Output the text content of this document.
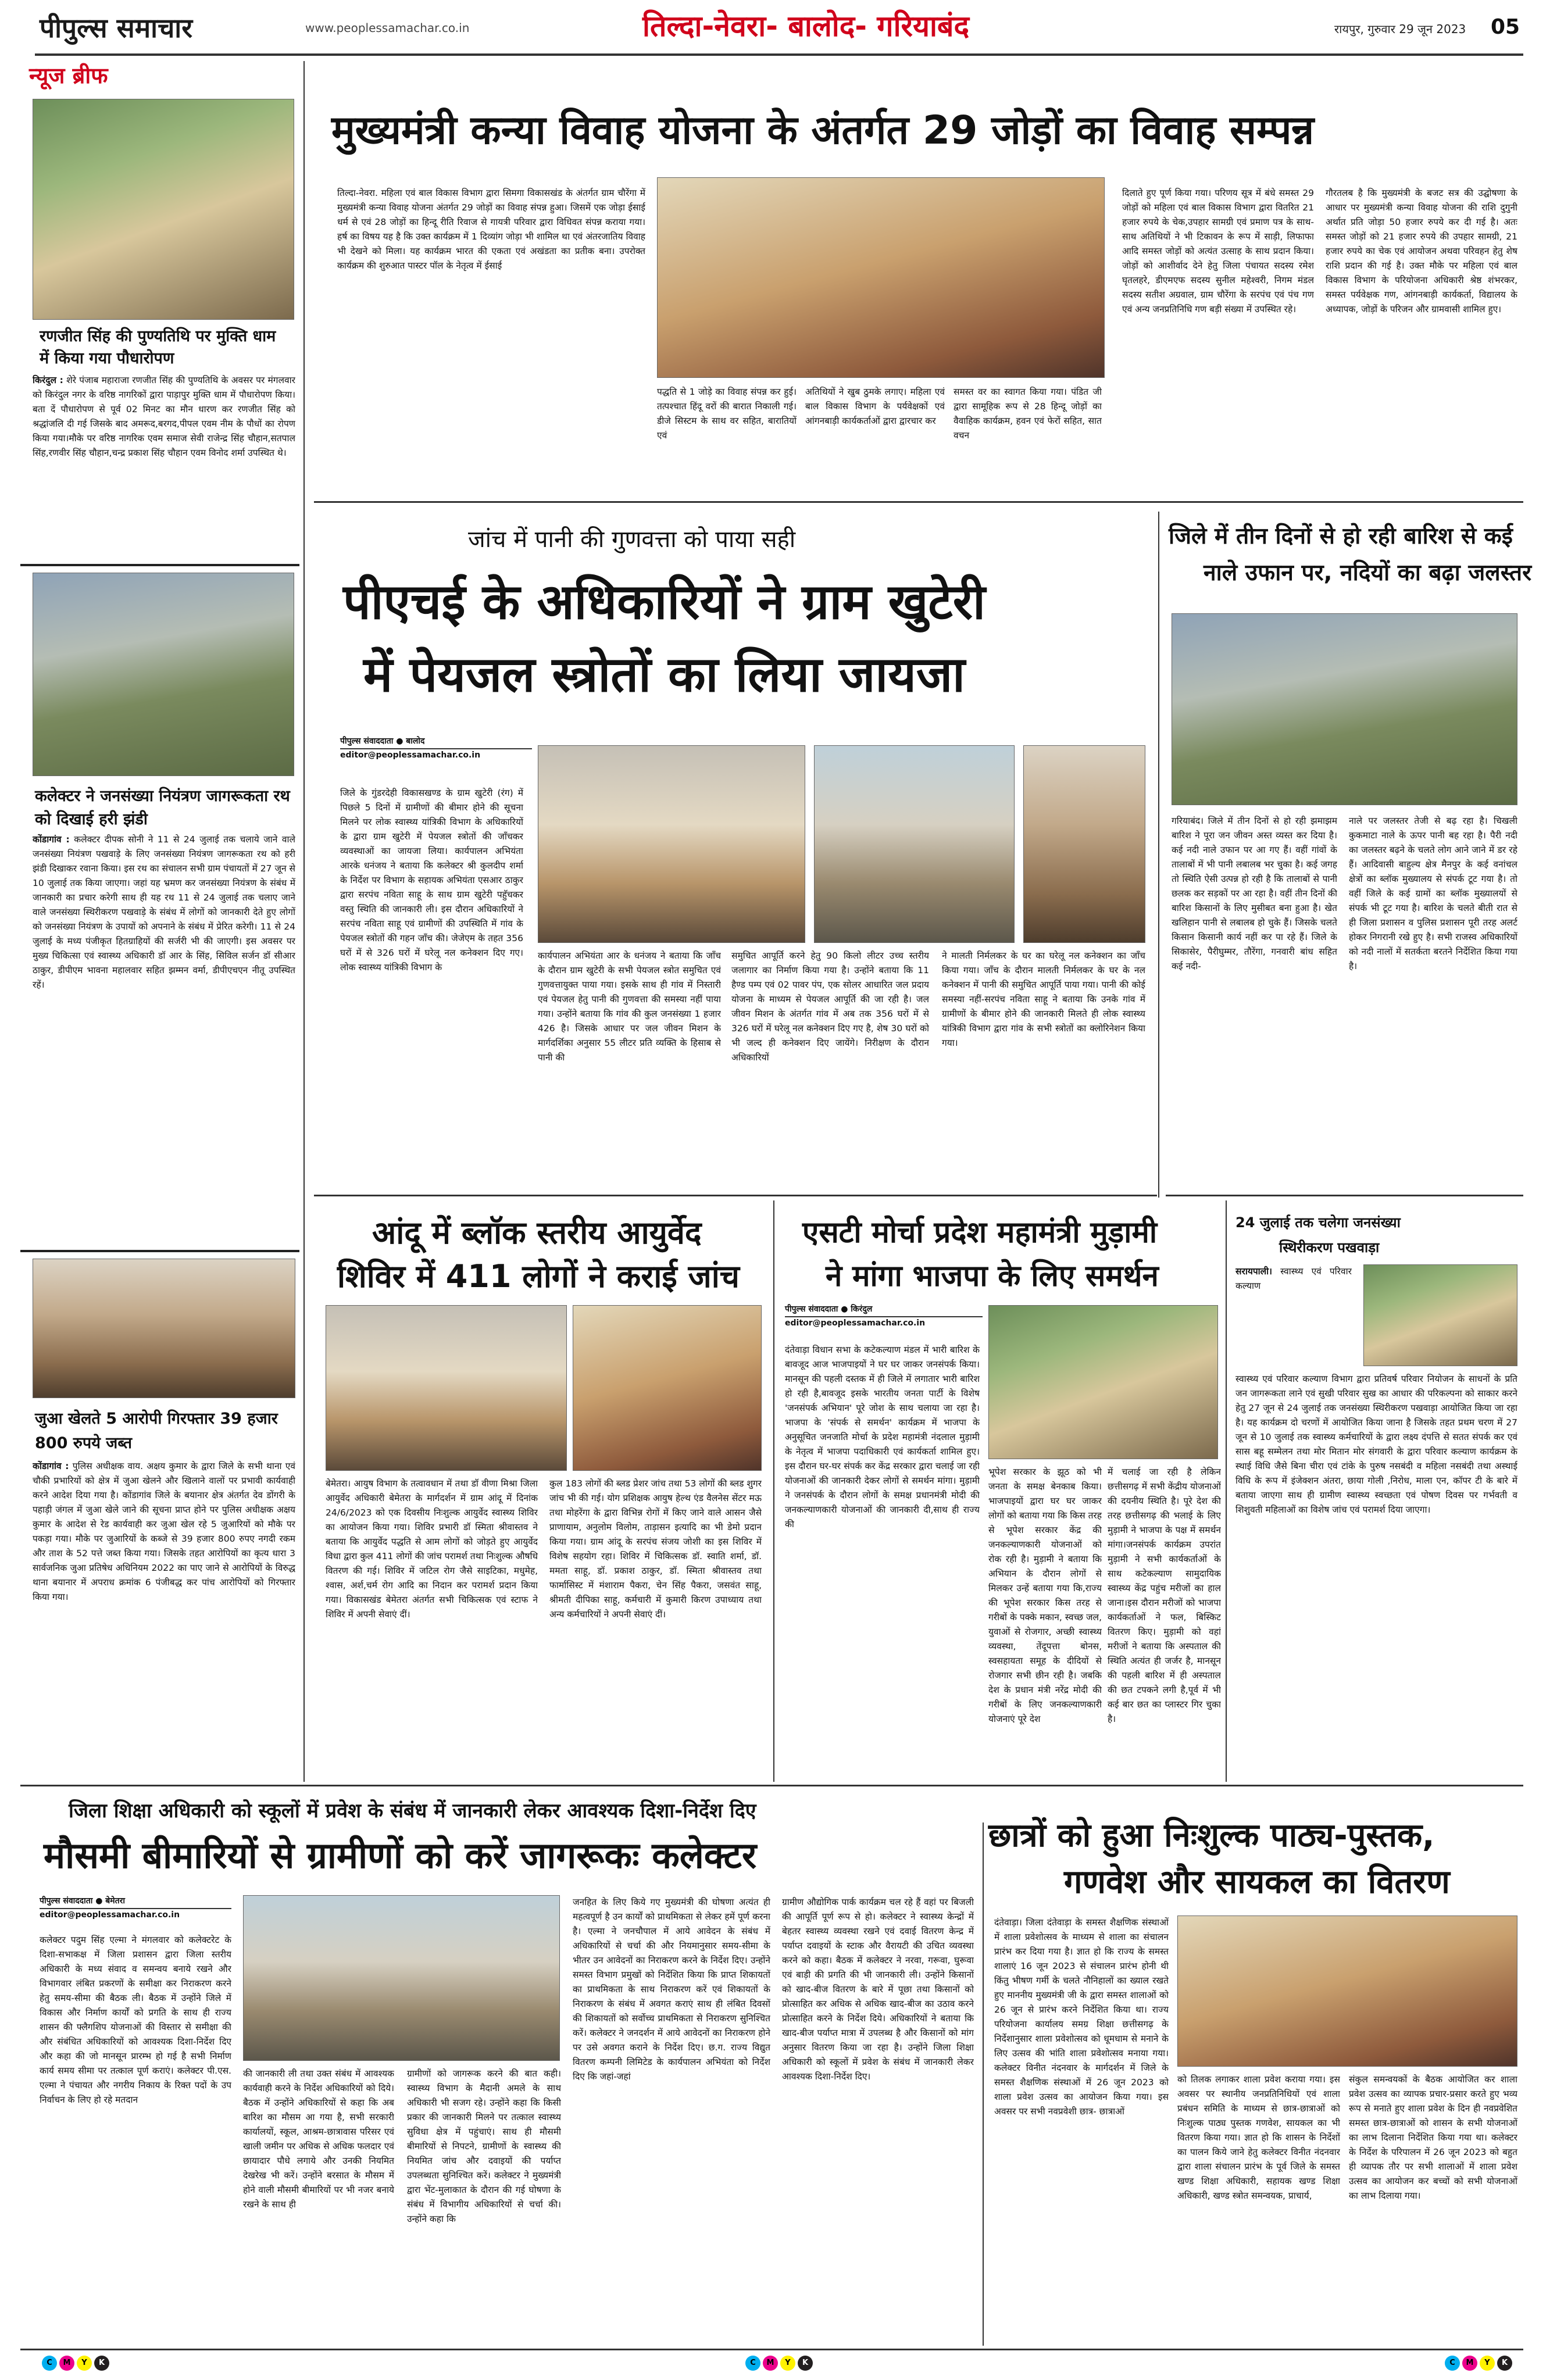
पीपुल्स समाचार	www.peoplessamachar.co.in	तिल्दा-नेवरा- बालोद- गरियाबंद	रायपुर, गुरुवार 29 जून 2023 05
न्यूज ब्रीफ
रणजीत सिंह की पुण्यतिथि पर मुक्ति धाम में किया गया पौधारोपण
किरंदुल : शेरे पंजाब महाराजा रणजीत सिंह की पुण्यतिथि के अवसर पर मंगलवार को किरंदुल नगर के वरिष्ठ नागरिकों द्वारा पाड़ापुर मुक्ति धाम में पौधारोपण किया। बता दें पौधारोपण से पूर्व 02 मिनट का मौन धारण कर रणजीत सिंह को श्रद्धांजलि दी गई जिसके बाद अमरूद,बरगद,पीपल एवम नीम के पौधों का रोपण किया गया।मौके पर वरिष्ठ नागरिक एवम समाज सेवी राजेन्द्र सिंह चौहान,सतपाल सिंह,रणवीर सिंह चौहान,चन्द्र प्रकाश सिंह चौहान एवम विनोद शर्मा उपस्थित थे।
कलेक्टर ने जनसंख्या नियंत्रण जागरूकता रथ को दिखाई हरी झंडी
कोंडागांव : कलेक्टर दीपक सोनी ने 11 से 24 जुलाई तक चलाये जाने वाले जनसंख्या नियंत्रण पखवाड़े के लिए जनसंख्या नियंत्रण जागरूकता रथ को हरी झंडी दिखाकर रवाना किया। इस रथ का संचालन सभी ग्राम पंचायतों में 27 जून से 10 जुलाई तक किया जाएगा। जहां यह भ्रमण कर जनसंख्या नियंत्रण के संबंध में जानकारी का प्रचार करेगी साथ ही यह रथ 11 से 24 जुलाई तक चलाए जाने वाले जनसंख्या स्थिरीकरण पखवाड़े के संबंध में लोगों को जानकारी देते हुए लोगों को जनसंख्या नियंत्रण के उपायों को अपनाने के संबंध में प्रेरित करेगी। 11 से 24 जुलाई के मध्य पंजीकृत हितग्राहियों की सर्जरी भी की जाएगी। इस अवसर पर मुख्य चिकित्सा एवं स्वास्थ्य अधिकारी डॉ आर के सिंह, सिविल सर्जन डॉ सीआर ठाकुर, डीपीएम भावना महालवार सहित झम्मन वर्मा, डीपीएचएन नीतू उपस्थित रहें।
जुआ खेलते 5 आरोपी गिरफ्तार 39 हजार 800 रुपये जब्त
कोंडागांव : पुलिस अधीक्षक वाय. अक्षय कुमार के द्वारा जिले के सभी थाना एवं चौकी प्रभारियों को क्षेत्र में जुआ खेलने और खिलाने वालों पर प्रभावी कार्यवाही करने आदेश दिया गया है। कोंडागांव जिले के बयानार क्षेत्र अंतर्गत देव डोंगरी के पहाड़ी जंगल में जुआ खेले जाने की सूचना प्राप्त होने पर पुलिस अधीक्षक अक्षय कुमार के आदेश से रेड कार्यवाही कर जुआ खेल रहे 5 जुआरियों को मौके पर पकड़ा गया। मौके पर जुआरियों के कब्जे से 39 हजार 800 रुपए नगदी रकम और ताश के 52 पत्ते जब्त किया गया। जिसके तहत आरोपियों का कृत्य धारा 3 सार्वजनिक जुआ प्रतिषेध अधिनियम 2022 का पाए जाने से आरोपियों के विरुद्ध थाना बयानार में अपराध क्रमांक 6 पंजीबद्ध कर पांच आरोपियों को गिरफ्तार किया गया।
मुख्यमंत्री कन्या विवाह योजना के अंतर्गत 29 जोड़ों का विवाह सम्पन्न
तिल्दा-नेवरा. महिला एवं बाल विकास विभाग द्वारा सिमगा विकासखंड के अंतर्गत ग्राम चौरेंगा में मुख्यमंत्री कन्या विवाह योजना अंतर्गत 29 जोड़ों का विवाह संपन्न हुआ। जिसमें एक जोड़ा ईसाई धर्म से एवं 28 जोड़ों का हिन्दू रीति रिवाज से गायत्री परिवार द्वारा विधिवत संपन्न कराया गया। हर्ष का विषय यह है कि उक्त कार्यक्रम में 1 दिव्यांग जोड़ा भी शामिल था एवं अंतरजातिय विवाह भी देखने को मिला। यह कार्यक्रम भारत की एकता एवं अखंडता का प्रतीक बना। उपरोक्त कार्यक्रम की शुरुआत पास्टर पॉल के नेतृत्व में ईसाई
पद्धति से 1 जोड़े का विवाह संपन्न कर हुई। तत्पश्चात हिंदू वरों की बारात निकाली गई। डीजे सिस्टम के साथ वर सहित, बारातियों एवं
अतिथियों ने खुब ठुमके लगाए। महिला एवं बाल विकास विभाग के पर्यवेक्षकों एवं आंगनबाड़ी कार्यकर्ताओं द्वारा द्वारचार कर
समस्त वर का स्वागत किया गया। पंडित जी द्वारा सामूहिक रूप से 28 हिन्दू जोड़ों का वैवाहिक कार्यक्रम, हवन एवं फेरों सहित, सात वचन
दिलाते हुए पूर्ण किया गया। परिणय सूत्र में बंधे समस्त 29 जोड़ों को महिला एवं बाल विकास विभाग द्वारा वितरित 21 हजार रुपये के चेक,उपहार सामग्री एवं प्रमाण पत्र के साथ-साथ अतिथियों ने भी टिकावन के रूप में साड़ी, लिफाफा आदि समस्त जोड़ों को अत्यंत उत्साह के साथ प्रदान किया। जोड़ों को आशीर्वाद देने हेतु जिला पंचायत सदस्य रमेश घृतलहरे, डीएमएफ सदस्य सुनील महेश्वरी, निगम मंडल सदस्य सतीश अग्रवाल, ग्राम चौरेंगा के सरपंच एवं पंच गण एवं अन्य जनप्रतिनिधि गण बड़ी संख्या में उपस्थित रहे।
गौरतलब है कि मुख्यमंत्री के बजट सत्र की उद्घोषणा के आधार पर मुख्यमंत्री कन्या विवाह योजना की राशि दुगुनी अर्थात प्रति जोड़ा 50 हजार रुपये कर दी गई है। अतः समस्त जोड़ों को 21 हजार रुपये की उपहार सामग्री, 21 हजार रुपये का चेक एवं आयोजन अथवा परिवहन हेतु शेष राशि प्रदान की गई है। उक्त मौके पर महिला एवं बाल विकास विभाग के परियोजना अधिकारी श्रेष्ठ शंभरकर, समस्त पर्यवेक्षक गण, आंगनबाड़ी कार्यकर्ता, विद्यालय के अध्यापक, जोड़ों के परिजन और ग्रामवासी शामिल हुए।
जांच में पानी की गुणवत्ता को पाया सही
पीएचई के अधिकारियों ने ग्राम खुटेरी
में पेयजल स्त्रोतों का लिया जायजा
पीपुल्स संवाददाता ● बालोद
editor@peoplessamachar.co.in
जिले के गुंडरदेही विकासखण्ड के ग्राम खुटेरी (रंग) में पिछले 5 दिनों में ग्रामीणों की बीमार होने की सूचना मिलने पर लोक स्वास्थ्य यांत्रिकी विभाग के अधिकारियों के द्वारा ग्राम खुटेरी में पेयजल स्त्रोतों की जाँचकर व्यवस्थाओं का जायजा लिया। कार्यपालन अभियंता आरके धनंजय ने बताया कि कलेक्टर श्री कुलदीप शर्मा के निर्देश पर विभाग के सहायक अभियंता एसआर ठाकुर द्वारा सरपंच नविता साहू के साथ ग्राम खुटेरी पहुॅचकर वस्तु स्थिति की जानकारी ली। इस दौरान अधिकारियों ने सरपंच नविता साहू एवं ग्रामीणों की उपस्थिति में गांव के पेयजल स्त्रोतों की गहन जाँच की। जेजेएम के तहत 356 घरों में से 326 घरों में घरेलू नल कनेक्शन दिए गए। लोक स्वास्थ्य यांत्रिकी विभाग के
कार्यपालन अभियंता आर के धनंजय ने बताया कि जाँच के दौरान ग्राम खुटेरी के सभी पेयजल स्त्रोत समुचित एवं गुणवत्तायुक्त पाया गया। इसके साथ ही गांव में निस्तारी एवं पेयजल हेतु पानी की गुणवत्ता की समस्या नहीं पाया गया। उन्होंने बताया कि गांव की कुल जनसंख्या 1 हजार 426 है। जिसके आधार पर जल जीवन मिशन के मार्गदर्शिका अनुसार 55 लीटर प्रति व्यक्ति के हिसाब से पानी की
समुचित आपूर्ति करने हेतु 90 किलो लीटर उच्च स्तरीय जलागार का निर्माण किया गया है। उन्होंने बताया कि 11 हैण्ड पम्प एवं 02 पावर पंप, एक सोलर आधारित जल प्रदाय योजना के माध्यम से पेयजल आपूर्ति की जा रही है। जल जीवन मिशन के अंतर्गत गांव में अब तक 356 घरों में से 326 घरों में घरेलू नल कनेक्शन दिए गए है, शेष 30 घरों को भी जल्द ही कनेक्शन दिए जायेंगे। निरीक्षण के दौरान अधिकारियों
ने मालती निर्मलकर के घर का घरेलू नल कनेक्शन का जाँच किया गया। जाँच के दौरान मालती निर्मलकर के घर के नल कनेक्शन में पानी की समुचित आपूर्ति पाया गया। पानी की कोई समस्या नहीं-सरपंच नविता साहू ने बताया कि उनके गांव में ग्रामीणों के बीमार होने की जानकारी मिलते ही लोक स्वास्थ्य यांत्रिकी विभाग द्वारा गांव के सभी स्त्रोतों का क्लोरिनेशन किया गया।
जिले में तीन दिनों से हो रही बारिश से कई
नाले उफान पर, नदियों का बढ़ा जलस्तर
गरियाबंद। जिले में तीन दिनों से हो रही झमाझम बारिश ने पूरा जन जीवन अस्त व्यस्त कर दिया है। कई नदी नाले उफान पर आ गए हैं। वहीं गांवों के तालाबों में भी पानी लबालब भर चुका है। कई जगह तो स्थिति ऐसी उत्पन्न हो रही है कि तालाबों से पानी छलक कर सड़कों पर आ रहा है। वहीं तीन दिनों की बारिश किसानों के लिए मुसीबत बना हुआ है। खेत खलिहान पानी से लबालब हो चुके हैं। जिसके चलते किसान किसानी कार्य नहीं कर पा रहे हैं। जिले के सिकासेर, पैरीघुम्मर, तौरेंगा, गनवारी बांध सहित कई नदी-
नाले पर जलस्तर तेजी से बढ़ रहा है। चिखली कुकमाटा नाले के ऊपर पानी बह रहा है। पैरी नदी का जलस्तर बढ़ने के चलते लोग आने जाने में डर रहे हैं। आदिवासी बाहुल्य क्षेत्र मैनपुर के कई वनांचल क्षेत्रों का ब्लॉक मुख्यालय से संपर्क टूट गया है। तो वहीं जिले के कई ग्रामों का ब्लॉक मुख्यालयों से संपर्क भी टूट गया है। बारिश के चलते बीती रात से ही जिला प्रशासन व पुलिस प्रशासन पूरी तरह अलर्ट होकर निगरानी रखे हुए है। सभी राजस्व अधिकारियों को नदी नालों में सतर्कता बरतने निर्देशित किया गया है।
24 जुलाई तक चलेगा जनसंख्या
स्थिरीकरण पखवाड़ा
सरायपाली। स्वास्थ्य एवं परिवार कल्याण
स्वास्थ्य एवं परिवार कल्याण विभाग द्वारा प्रतिवर्ष परिवार नियोजन के साधनों के प्रति जन जागरूकता लाने एवं सुखी परिवार सुख का आधार की परिकल्पना को साकार करने हेतु 27 जून से 24 जुलाई तक जनसंख्या स्थिरीकरण पखवाड़ा आयोजित किया जा रहा है। यह कार्यक्रम दो चरणों में आयोजित किया जाना है जिसके तहत प्रथम चरण में 27 जून से 10 जुलाई तक स्वास्थ्य कर्मचारियों के द्वारा लक्ष्य दंपत्ति से सतत संपर्क कर एवं सास बहू सम्मेलन तथा मोर मितान मोर संगवारी के द्वारा परिवार कल्याण कार्यक्रम के स्थाई विधि जैसे बिना चीरा एवं टांके के पुरुष नसबंदी व महिला नसबंदी तथा अस्थाई विधि के रूप में इंजेक्शन अंतरा, छाया गोली ,निरोध, माला एन, कॉपर टी के बारे में बताया जाएगा साथ ही ग्रामीण स्वास्थ्य स्वच्छता एवं पोषण दिवस पर गर्भवती व शिशुवती महिलाओं का विशेष जांच एवं परामर्श दिया जाएगा।
आंदू में ब्लॉक स्तरीय आयुर्वेद
शिविर में 411 लोगों ने कराई जांच
बेमेतरा। आयुष विभाग के तत्वावधान में तथा डॉ वीणा मिश्रा जिला आयुर्वेद अधिकारी बेमेतरा के मार्गदर्शन में ग्राम आंदू में दिनांक 24/6/2023 को एक दिवसीय निःशुल्क आयुर्वेद स्वास्थ्य शिविर का आयोजन किया गया। शिविर प्रभारी डॉ स्मिता श्रीवास्तव ने बताया कि आयुर्वेद पद्धति से आम लोगों को जोड़ते हुए आयुर्वेद विधा द्वारा कुल 411 लोगों की जांच परामर्श तथा निःशुल्क औषधि वितरण की गई। शिविर में जटिल रोग जैसे साइटिका, मधुमेह, श्वास, अर्श,चर्म रोग आदि का निदान कर परामर्श प्रदान किया गया। विकासखंड बेमेतरा अंतर्गत सभी चिकित्सक एवं स्टाफ ने शिविर में अपनी सेवाएं दीं।
कुल 183 लोगों की ब्लड प्रेशर जांच तथा 53 लोगों की ब्लड शुगर जांच भी की गई। योग प्रशिक्षक आयुष हेल्थ एंड वैलनेस सेंटर मऊ तथा मोहरेंगा के द्वारा विभिन्न रोगों में किए जाने वाले आसन जैसे प्राणायाम, अनुलोम विलोम, ताड़ासन इत्यादि का भी डेमो प्रदान किया गया। ग्राम आंदू के सरपंच संजय जोशी का इस शिविर में विशेष सहयोग रहा। शिविर में चिकित्सक डॉ. स्वाति शर्मा, डॉ. ममता साहू, डॉ. प्रकाश ठाकुर, डॉ. स्मिता श्रीवास्तव तथा फार्मासिस्ट में मंशाराम पैकरा, चेन सिंह पैकरा, जसवंत साहू, श्रीमती दीपिका साहू, कर्मचारी में कुमारी किरण उपाध्याय तथा अन्य कर्मचारियों ने अपनी सेवाएं दीं।
एसटी मोर्चा प्रदेश महामंत्री मुड़ामी
ने मांगा भाजपा के लिए समर्थन
पीपुल्स संवाददाता ● किरंदुल
editor@peoplessamachar.co.in
दंतेवाड़ा विधान सभा के कटेकल्याण मंडल में भारी बारिश के बावजूद आज भाजपाइयों ने घर घर जाकर जनसंपर्क किया। मानसून की पहली दस्तक में ही जिले में लगातार भारी बारिश हो रही है,बावजूद इसके भारतीय जनता पार्टी के विशेष 'जनसंपर्क अभियान' पूरे जोश के साथ चलाया जा रहा है।भाजपा के 'संपर्क से समर्थन' कार्यक्रम में भाजपा के अनुसूचित जनजाति मोर्चा के प्रदेश महामंत्री नंदलाल मुड़ामी के नेतृत्व में भाजपा पदाधिकारी एवं कार्यकर्ता शामिल हुए।इस दौरान घर-घर संपर्क कर केंद्र सरकार द्वारा चलाई जा रही योजनाओं की जानकारी देकर लोगों से समर्थन मांगा। मुड़ामी ने जनसंपर्क के दौरान लोगों के समक्ष प्रधानमंत्री मोदी की जनकल्याणकारी योजनाओं की जानकारी दी,साथ ही राज्य की
भूपेश सरकार के झूठ को भी जनता के समक्ष बेनकाब किया।भाजपाइयों द्वारा घर घर जाकर लोगों को बताया गया कि किस तरह से भूपेश सरकार केंद्र की जनकल्याणकारी योजनाओं को रोक रही है। मुड़ामी ने बताया कि अभियान के दौरान लोगों से मिलकर उन्हें बताया गया कि,राज्य की भूपेश सरकार किस तरह से गरीबों के पक्के मकान, स्वच्छ जल, युवाओं से रोजगार, अच्छी स्वास्थ्य व्यवस्था, तेंदूपत्ता बोनस, स्वसहायता समूह के दीदियों से रोजगार सभी छीन रही है। जबकि देश के प्रधान मंत्री नरेंद्र मोदी की गरीबों के लिए जनकल्याणकारी योजनाएं पूरे देश
में चलाई जा रही है लेकिन छत्तीसगढ़ में सभी केंद्रीय योजनाओं की दयनीय स्थिति है। पूरे देश की तरह छत्तीसगढ़ की भलाई के लिए मुड़ामी ने भाजपा के पक्ष में समर्थन मांगा।जनसंपर्क कार्यक्रम उपरांत मुड़ामी ने सभी कार्यकर्ताओं के साथ कटेकल्याण सामुदायिक स्वास्थ्य केंद्र पहुंच मरीजों का हाल जाना।इस दौरान मरीजों को भाजपा कार्यकर्ताओं ने फल, बिस्किट वितरण किए। मुड़ामी को वहां मरीजों ने बताया कि अस्पताल की स्थिति अत्यंत ही जर्जर है, मानसून की पहली बारिश में ही अस्पताल की छत टपकने लगी है,पूर्व में भी कई बार छत का प्लास्टर गिर चुका है।
जिला शिक्षा अधिकारी को स्कूलों में प्रवेश के संबंध में जानकारी लेकर आवश्यक दिशा-निर्देश दिए
मौसमी बीमारियों से ग्रामीणों को करें जागरूकः कलेक्टर
पीपुल्स संवाददाता ● बेमेतरा
editor@peoplessamachar.co.in
कलेक्टर पदुम सिंह एल्मा ने मंगलवार को कलेक्टरेट के दिशा-सभाकक्ष में जिला प्रशासन द्वारा जिला स्तरीय अधिकारी के मध्य संवाद व समन्वय बनाये रखने और विभागवार लंबित प्रकरणों के समीक्षा कर निराकरण करने हेतु समय-सीमा की बैठक ली। बैठक में उन्होंने जिले में विकास और निर्माण कार्यों को प्रगति के साथ ही राज्य शासन की फ्लैगशिप योजनाओं की विस्तार से समीक्षा की और संबंधित अधिकारियों को आवश्यक दिशा-निर्देश दिए और कहा की जो मानसून प्रारम्भ हो गई है सभी निर्माण कार्य समय सीमा पर तत्काल पूर्ण कराएं। कलेक्टर पी.एस. एल्मा ने पंचायत और नगरीय निकाय के रिक्त पदों के उप निर्वाचन के लिए हो रहे मतदान
की जानकारी ली तथा उक्त संबंध में आवश्यक कार्यवाही करने के निर्देश अधिकारियों को दिये। बैठक में उन्होंने अधिकारियों से कहा कि अब बारिश का मौसम आ गया है, सभी सरकारी कार्यालयों, स्कूल, आश्रम-छात्रावास परिसर एवं खाली जमीन पर अधिक से अधिक फलदार एवं छायादार पौधे लगाये और उनकी नियमित देखरेख भी करें। उन्होंने बरसात के मौसम में होने वाली मौसमी बीमारियों पर भी नजर बनाये रखने के साथ ही
ग्रामीणों को जागरूक करने की बात कही। स्वास्थ्य विभाग के मैदानी अमले के साथ अधिकारी भी सजग रहे। उन्होंने कहा कि किसी प्रकार की जानकारी मिलने पर तत्काल स्वास्थ्य सुविधा क्षेत्र में पहुंचाएं। साथ ही मौसमी बीमारियों से निपटने, ग्रामीणों के स्वास्थ्य की नियमित जांच और दवाइयों की पर्याप्त उपलब्धता सुनिश्चित करें। कलेक्टर ने मुख्यमंत्री द्वारा भेंट-मुलाकात के दौरान की गई घोषणा के संबंध में विभागीय अधिकारियों से चर्चा की। उन्होंने कहा कि
जनहित के लिए किये गए मुख्यमंत्री की घोषणा अत्यंत ही महत्वपूर्ण है उन कार्यों को प्राथमिकता से लेकर हमें पूर्ण करना है। एल्मा ने जनचौपाल में आये आवेदन के संबंध में अधिकारियों से चर्चा की और नियमानुसार समय-सीमा के भीतर उन आवेदनों का निराकरण करने के निर्देश दिए। उन्होंने समस्त विभाग प्रमुखों को निर्देशित किया कि प्राप्त शिकायतों का प्राथमिकता के साथ निराकरण करें एवं शिकायतों के निराकरण के संबंध में अवगत कराएं साथ ही लंबित दिवसों की शिकायतों को सर्वोच्च प्राथमिकता से निराकरण सुनिश्चित करें। कलेक्टर ने जनदर्शन में आये आवेदनों का निराकरण होने पर उसे अवगत कराने के निर्देश दिए। छ.ग. राज्य विद्युत वितरण कम्पनी लिमिटेड के कार्यपालन अभियंता को निर्देश दिए कि जहां-जहां
ग्रामीण औद्योगिक पार्क कार्यक्रम चल रहे हैं वहां पर बिजली की आपूर्ति पूर्ण रूप से हो। कलेक्टर ने स्वास्थ्य केन्द्रों में बेहतर स्वास्थ्य व्यवस्था रखने एवं दवाई वितरण केन्द्र में पर्याप्त दवाइयों के स्टाक और वैरायटी की उचित व्यवस्था करने को कहा। बैठक में कलेक्टर ने नरवा, गरूवा, घुरूवा एवं बाड़ी की प्रगति की भी जानकारी ली। उन्होंने किसानों को खाद-बीज वितरण के बारे में पूछा तथा किसानों को प्रोत्साहित कर अधिक से अधिक खाद-बीज का उठाव करने प्रोत्साहित करने के निर्देश दिये। अधिकारियों ने बताया कि खाद-बीज पर्याप्त मात्रा में उपलब्ध है और किसानों को मांग अनुसार वितरण किया जा रहा है। उन्होंने जिला शिक्षा अधिकारी को स्कूलों में प्रवेश के संबंध में जानकारी लेकर आवश्यक दिशा-निर्देश दिए।
छात्रों को हुआ निःशुल्क पाठ्य-पुस्तक,
गणवेश और सायकल का वितरण
दंतेवाड़ा। जिला दंतेवाड़ा के समस्त शैक्षणिक संस्थाओं में शाला प्रवेशोत्सव के माध्यम से शाला का संचालन प्रारंभ कर दिया गया है। ज्ञात हो कि राज्य के समस्त शालाएं 16 जून 2023 से संचालन प्रारंभ होनी थी किंतु भीषण गर्मी के चलते नौनिहालों का ख्याल रखते हुए माननीय मुख्यमंत्री जी के द्वारा समस्त शालाओं को 26 जून से प्रारंभ करने निर्देशित किया था। राज्य परियोजना कार्यालय समग्र शिक्षा छत्तीसगढ़ के निर्देशानुसार शाला प्रवेशोत्सव को धूमधाम से मनाने के लिए उत्सव की भांति शाला प्रवेशोत्सव मनाया गया। कलेक्टर विनीत नंदनवार के मार्गदर्शन में जिले के समस्त शैक्षणिक संस्थाओं में 26 जून 2023 को शाला प्रवेश उत्सव का आयोजन किया गया। इस अवसर पर सभी नवप्रवेशी छात्र- छात्राओं
को तिलक लगाकर शाला प्रवेश कराया गया। इस अवसर पर स्थानीय जनप्रतिनिधियों एवं शाला प्रबंधन समिति के माध्यम से छात्र-छात्राओं को निःशुल्क पाठ्य पुस्तक गणवेश, सायकल का भी वितरण किया गया। ज्ञात हो कि शासन के निर्देशों का पालन किये जाने हेतु कलेक्टर विनीत नंदनवार द्वारा शाला संचालन प्रारंभ के पूर्व जिले के समस्त खण्ड शिक्षा अधिकारी, सहायक खण्ड शिक्षा अधिकारी, खण्ड स्त्रोत समन्वयक, प्राचार्य,
संकुल समन्वयकों के बैठक आयोजित कर शाला प्रवेश उत्सव का व्यापक प्रचार-प्रसार करते हुए भव्य रूप से मनाते हुए शाला प्रवेश के दिन ही नवप्रवेशित समस्त छात्र-छात्राओं को शासन के सभी योजनाओं का लाभ दिलाना निर्देशित किया गया था। कलेक्टर के निर्देश के परिपालन में 26 जून 2023 को बहुत ही व्यापक तौर पर सभी शालाओं में शाला प्रवेश उत्सव का आयोजन कर बच्चों को सभी योजनाओं का लाभ दिलाया गया।
C	M	Y	K	C	M	Y	K	C	M	Y	K
